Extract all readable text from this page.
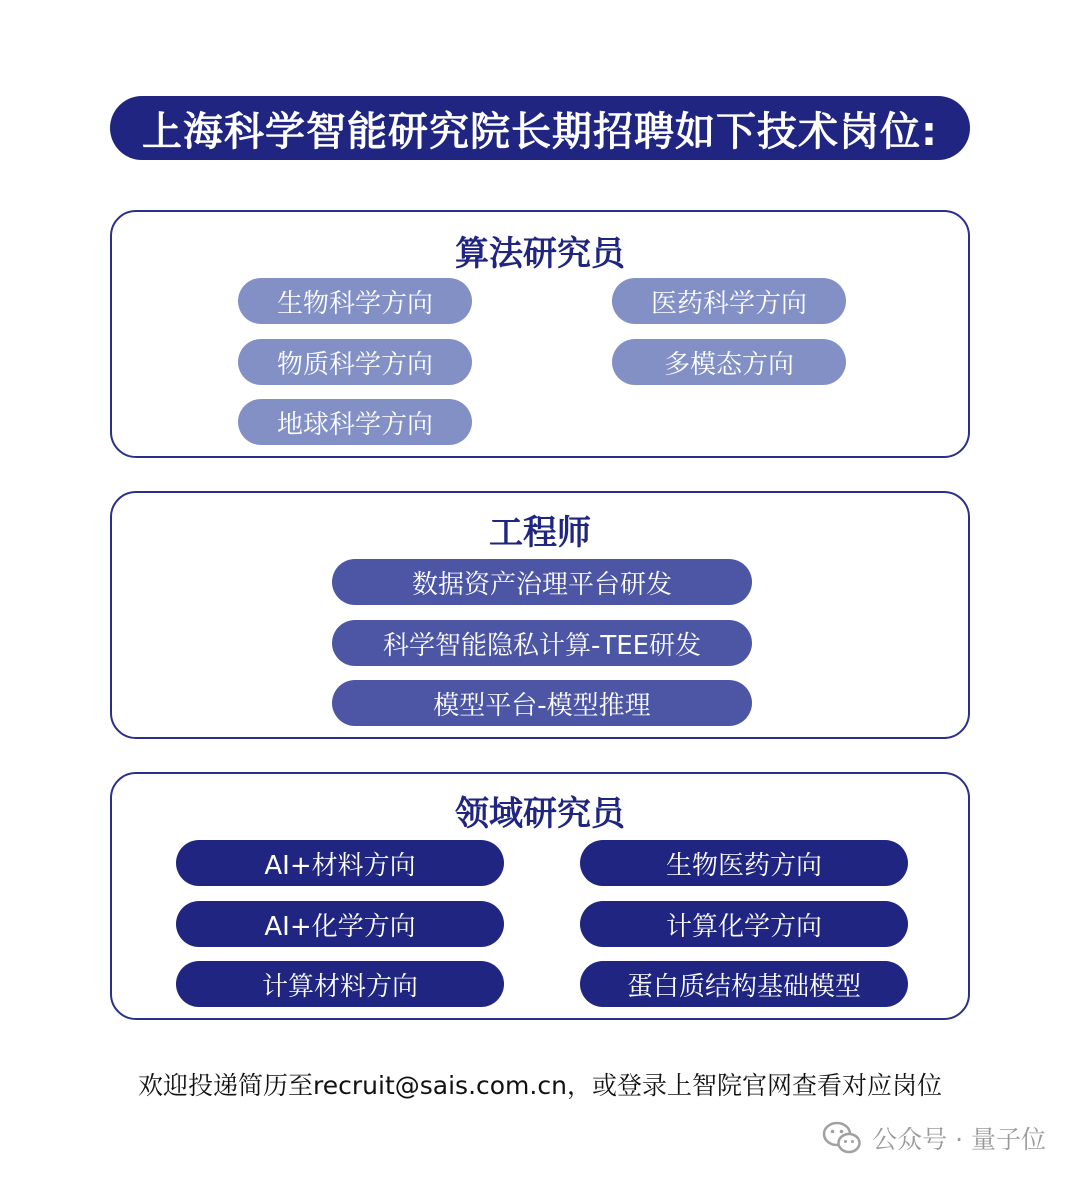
上海科学智能研究院长期招聘如下技术岗位:
算法研究员
生物科学方向	医药科学方向
物质科学方向	多模态方向
地球科学方向
工程师
数据资产治理平台研发
科学智能隐私计算-TEE研发
模型平台-模型推理
领域研究员
AI+材料方向	生物医药方向
AI+化学方向	计算化学方向
计算材料方向	蛋白质结构基础模型
欢迎投递简历至recruit@sais.com.cn，或登录上智院官网查看对应岗位
公众号 · 量子位
